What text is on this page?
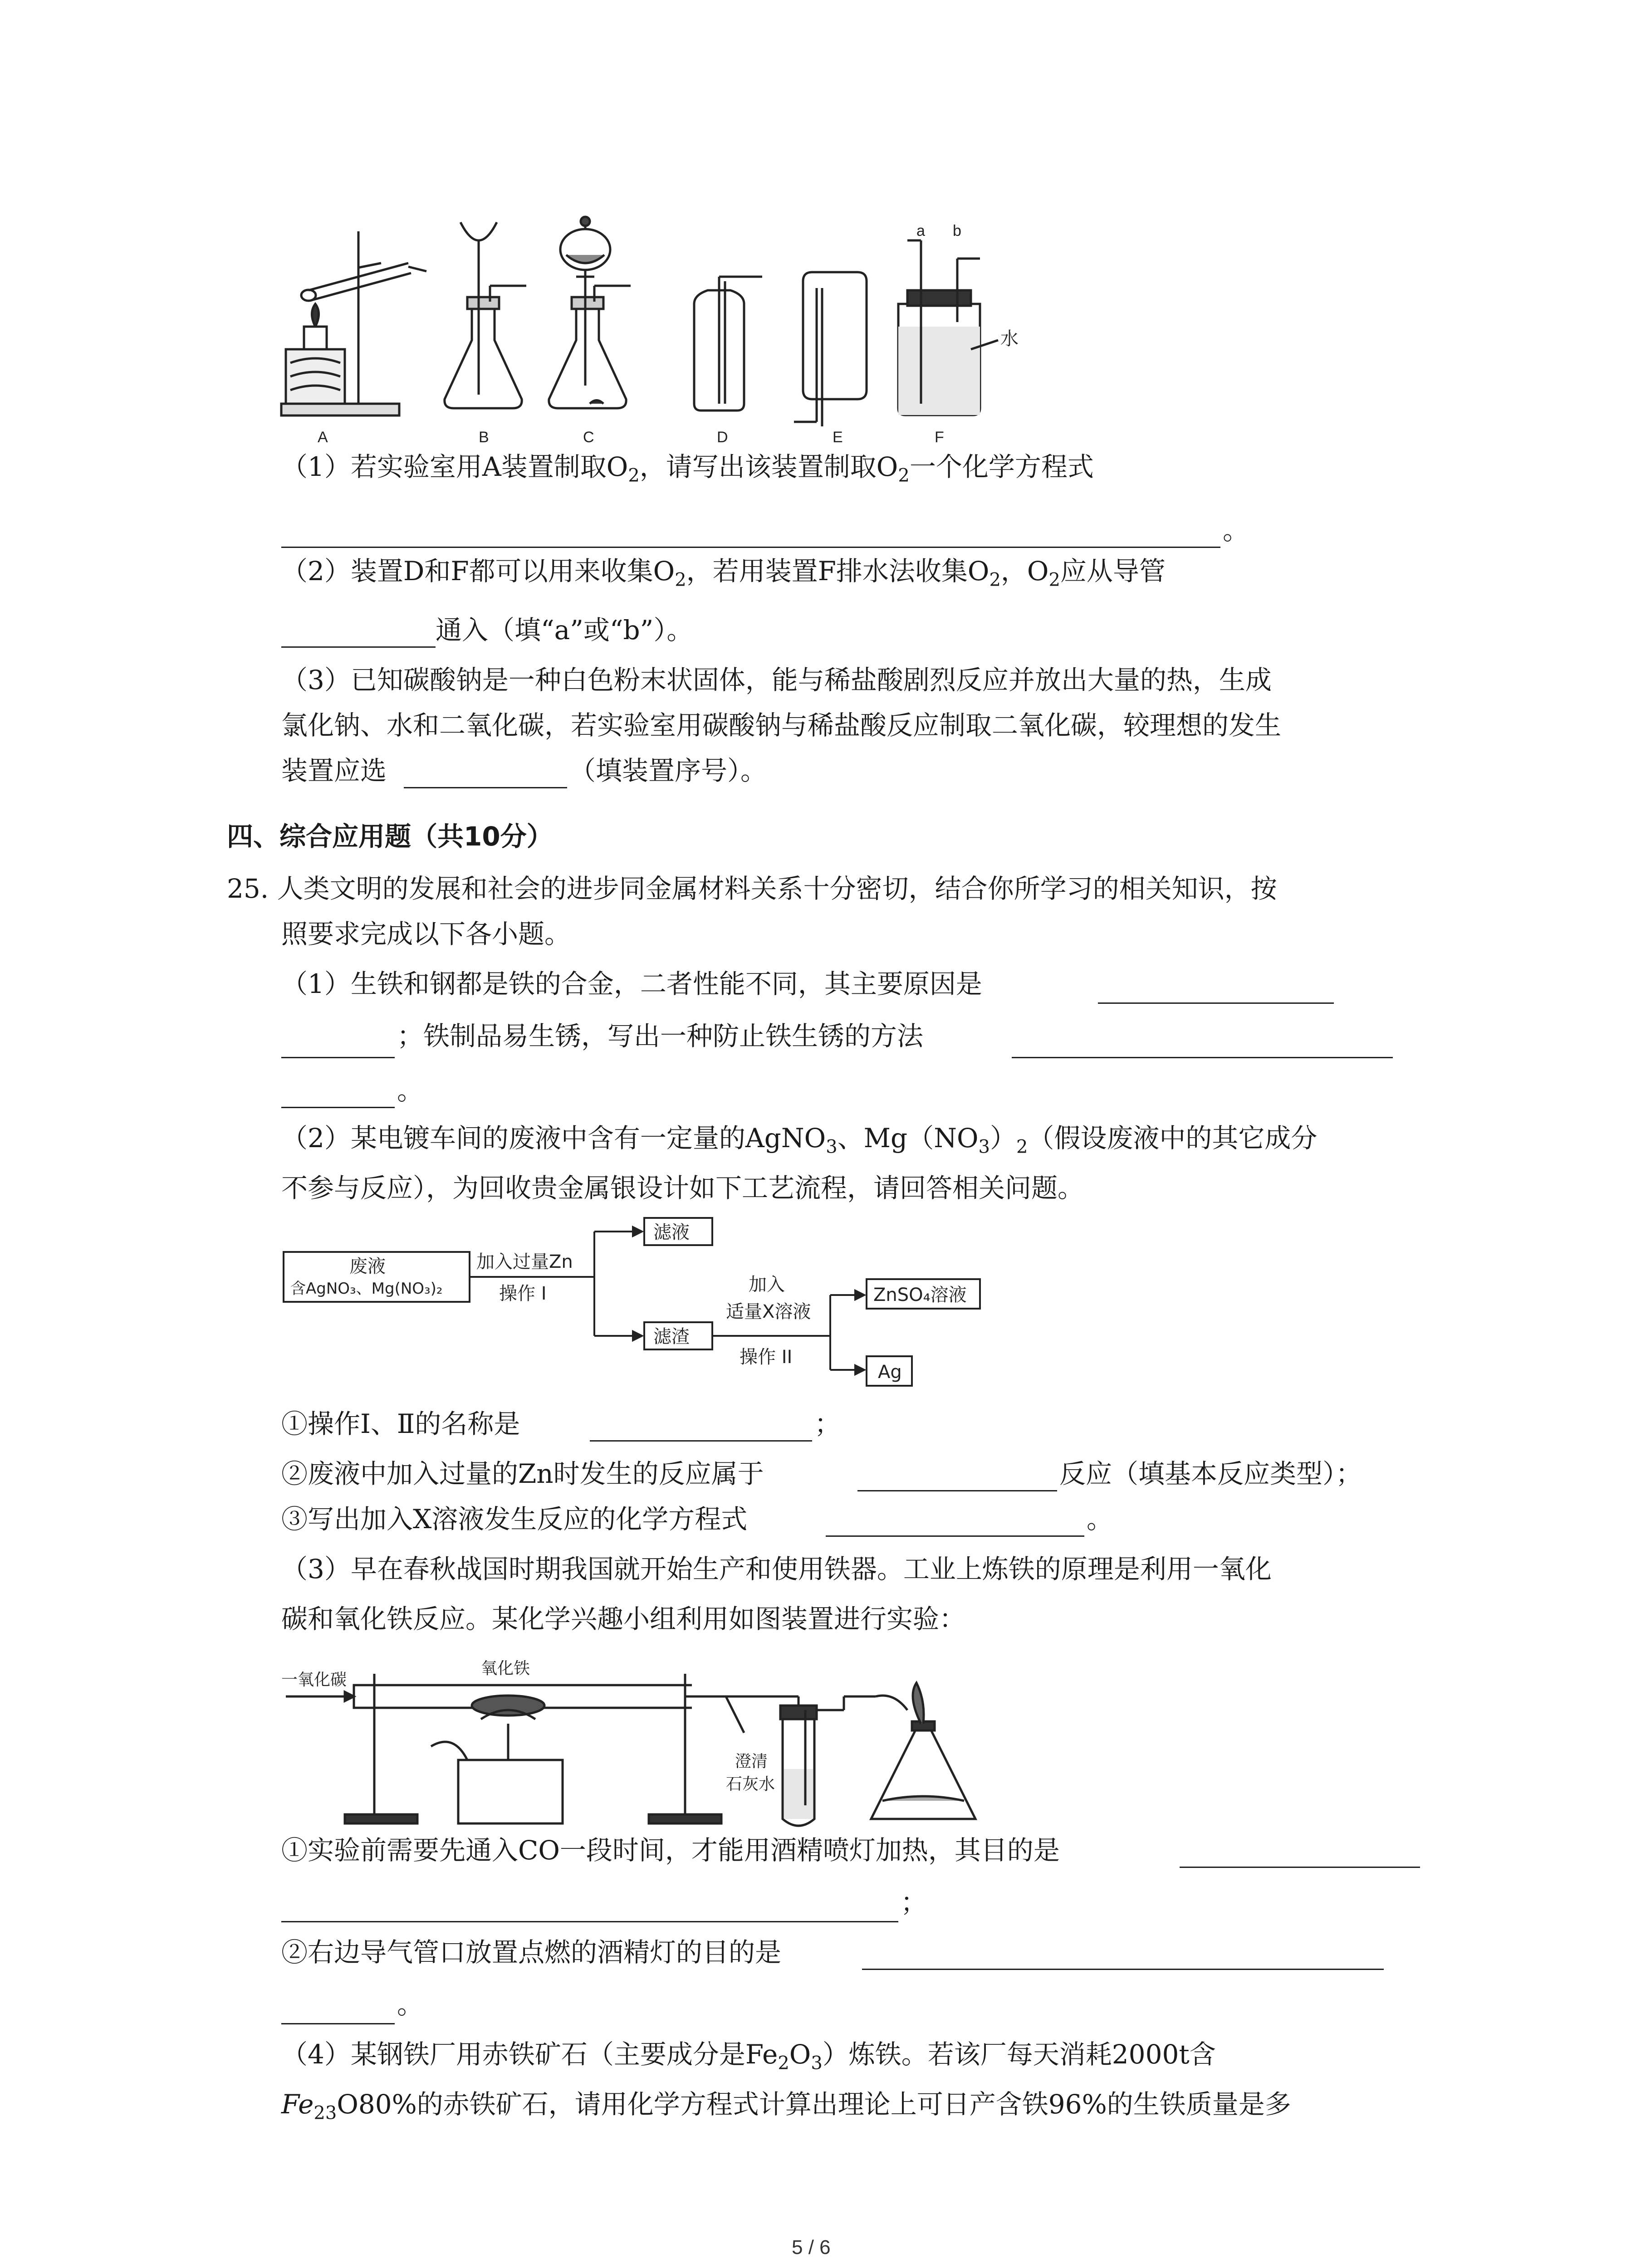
A	B	C	D	E	F
a b
水
（1）若实验室用A装置制取$O_2$，请写出该装置制取$O_2$一个化学方程式
。
（2）装置D和F都可以用来收集$O_2$，若用装置F排水法收集$O_2$，$O_2$应从导管
通入（填“a”或“b”）。
（3）已知碳酸钠是一种白色粉末状固体，能与稀盐酸剧烈反应并放出大量的热，生成
氯化钠、水和二氧化碳，若实验室用碳酸钠与稀盐酸反应制取二氧化碳，较理想的发生
装置应选	（填装置序号）。
四、综合应用题（共10分）
25. 人类文明的发展和社会的进步同金属材料关系十分密切，结合你所学习的相关知识，按
照要求完成以下各小题。
（1）生铁和钢都是铁的合金，二者性能不同，其主要原因是
；铁制品易生锈，写出一种防止铁生锈的方法
。
（2）某电镀车间的废液中含有一定量的AgNO$_3$、$Mg(NO_3)_2$（假设废液中的其它成分
不参与反应），为回收贵金属银设计如下工艺流程，请回答相关问题。
废液
含AgNO₃、Mg(NO₃)₂
加入过量Zn
操作 I
滤液
滤渣
加入
适量X溶液
操作 II
ZnSO₄溶液
Ag
①操作Ⅰ、Ⅱ的名称是	；
②废液中加入过量的Zn时发生的反应属于	反应（填基本反应类型）；
③写出加入X溶液发生反应的化学方程式	。
（3）早在春秋战国时期我国就开始生产和使用铁器。工业上炼铁的原理是利用一氧化
碳和氧化铁反应。某化学兴趣小组利用如图装置进行实验：
一氧化碳
氧化铁
澄清
石灰水
①实验前需要先通入CO一段时间，才能用酒精喷灯加热，其目的是
；
②右边导气管口放置点燃的酒精灯的目的是
。
（4）某钢铁厂用赤铁矿石（主要成分是$Fe_2O_3$）炼铁。若该厂每天消耗2000t含
$Fe_{23}O80\%$的赤铁矿石，请用化学方程式计算出理论上可日产含铁96%的生铁质量是多
5 / 6
